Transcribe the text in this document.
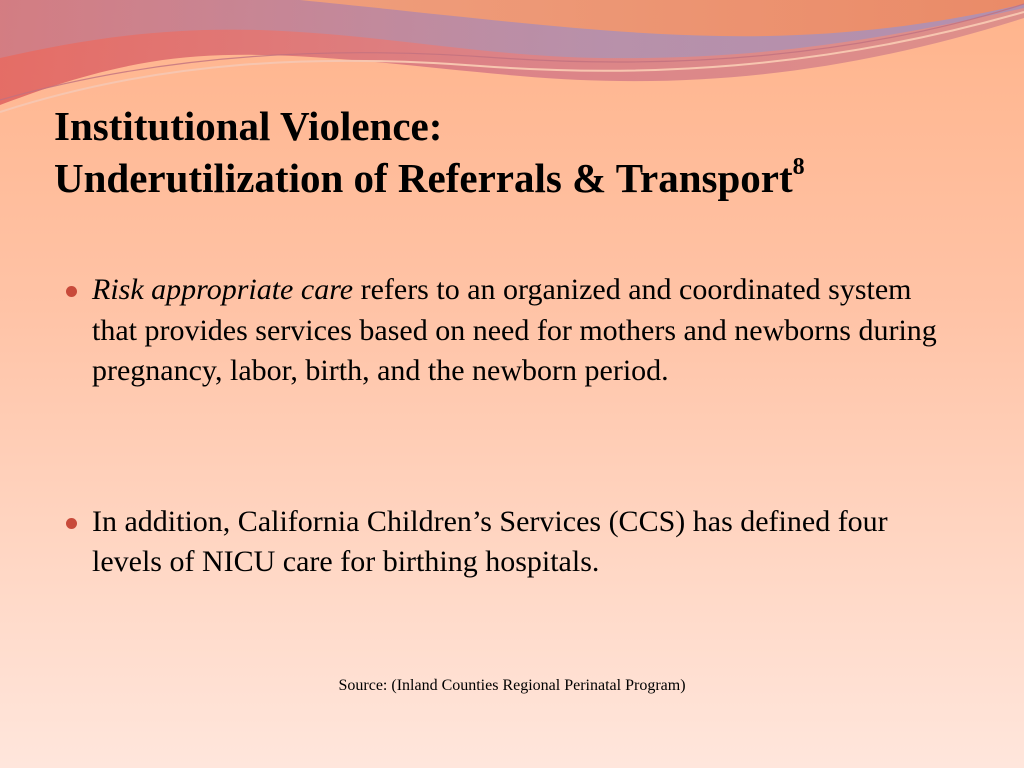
Institutional Violence:
Underutilization of Referrals & Transport$^8$
Risk appropriate care refers to an organized and coordinated system that provides services based on need for mothers and newborns during pregnancy, labor, birth, and the newborn period.
In addition, California Children’s Services (CCS) has defined four levels of NICU care for birthing hospitals.
Source: (Inland Counties Regional Perinatal Program)
